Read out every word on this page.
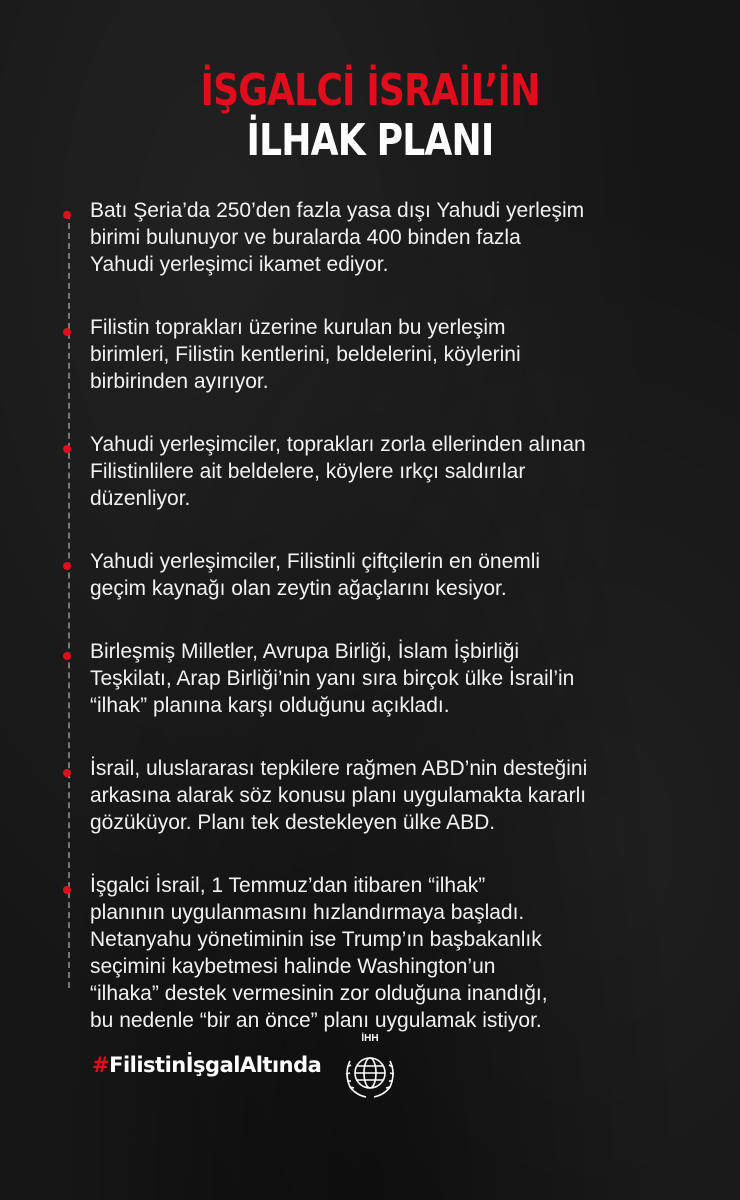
İŞGALCİ İSRAİL’İN
İLHAK PLANI
Batı Şeria’da 250’den fazla yasa dışı Yahudi yerleşim
birimi bulunuyor ve buralarda 400 binden fazla
Yahudi yerleşimci ikamet ediyor.
Filistin toprakları üzerine kurulan bu yerleşim
birimleri, Filistin kentlerini, beldelerini, köylerini
birbirinden ayırıyor.
Yahudi yerleşimciler, toprakları zorla ellerinden alınan
Filistinlilere ait beldelere, köylere ırkçı saldırılar
düzenliyor.
Yahudi yerleşimciler, Filistinli çiftçilerin en önemli
geçim kaynağı olan zeytin ağaçlarını kesiyor.
Birleşmiş Milletler, Avrupa Birliği, İslam İşbirliği
Teşkilatı, Arap Birliği’nin yanı sıra birçok ülke İsrail’in
“ilhak” planına karşı olduğunu açıkladı.
İsrail, uluslararası tepkilere rağmen ABD’nin desteğini
arkasına alarak söz konusu planı uygulamakta kararlı
gözüküyor. Planı tek destekleyen ülke ABD.
İşgalci İsrail, 1 Temmuz’dan itibaren “ilhak”
planının uygulanmasını hızlandırmaya başladı.
Netanyahu yönetiminin ise Trump’ın başbakanlık
seçimini kaybetmesi halinde Washington’un
“ilhaka” destek vermesinin zor olduğuna inandığı,
bu nedenle “bir an önce” planı uygulamak istiyor.
#FilistinİşgalAltında
İHH
